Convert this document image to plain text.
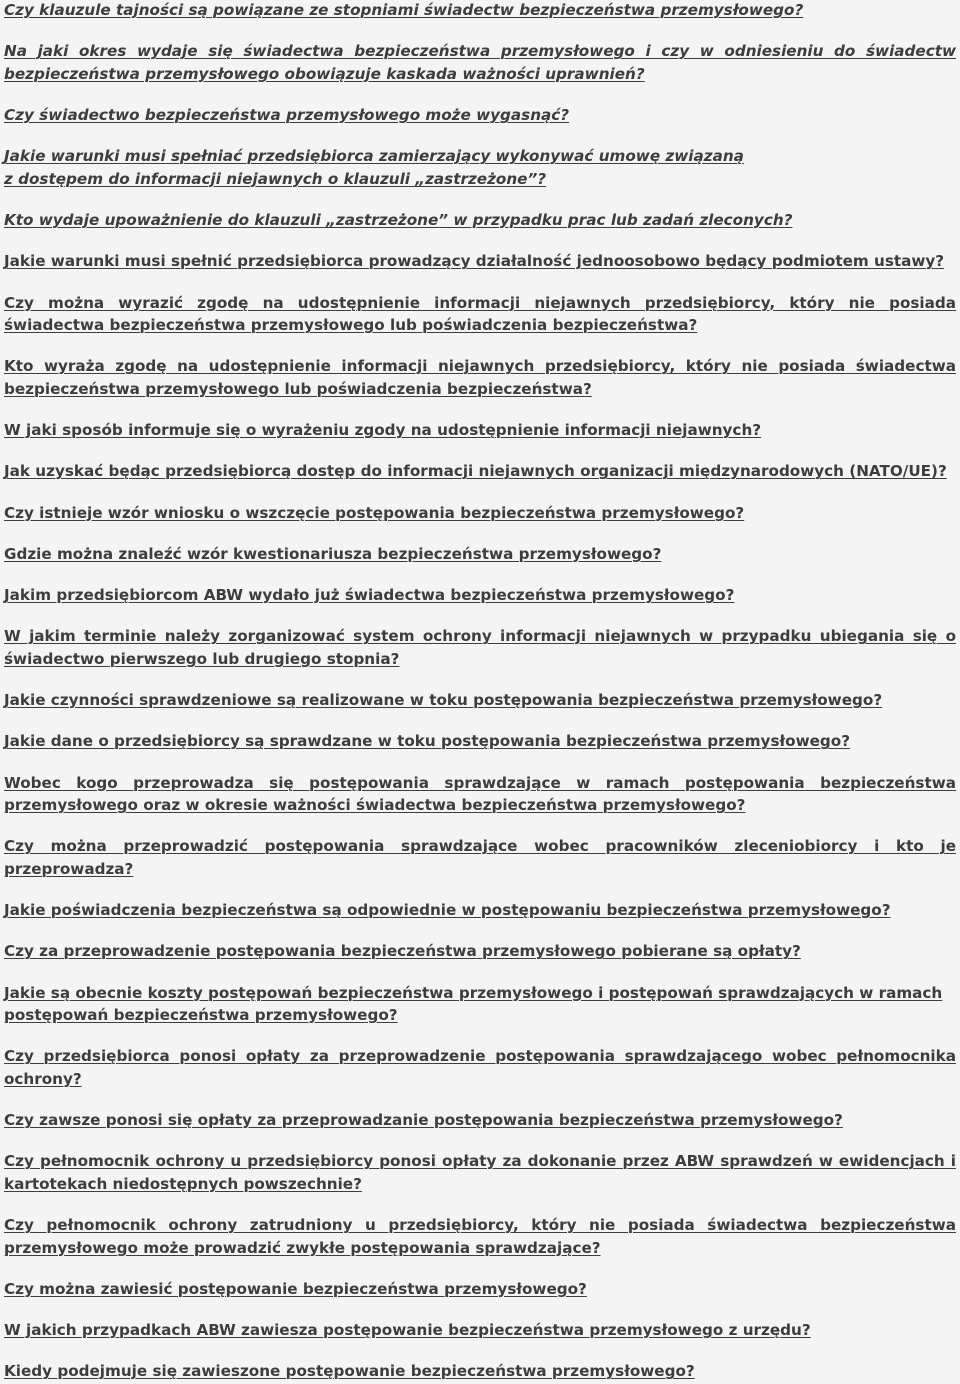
Czy klauzule tajności są powiązane ze stopniami świadectw bezpieczeństwa przemysłowego?
Na jaki okres wydaje się świadectwa bezpieczeństwa przemysłowego i czy w odniesieniu do świadectw
bezpieczeństwa przemysłowego obowiązuje kaskada ważności uprawnień?
Czy świadectwo bezpieczeństwa przemysłowego może wygasnąć?
Jakie warunki musi spełniać przedsiębiorca zamierzający wykonywać umowę związaną
z dostępem do informacji niejawnych o klauzuli „zastrzeżone”?
Kto wydaje upoważnienie do klauzuli „zastrzeżone” w przypadku prac lub zadań zleconych?
Jakie warunki musi spełnić przedsiębiorca prowadzący działalność jednoosobowo będący podmiotem ustawy?
Czy można wyrazić zgodę na udostępnienie informacji niejawnych przedsiębiorcy, który nie posiada
świadectwa bezpieczeństwa przemysłowego lub poświadczenia bezpieczeństwa?
Kto wyraża zgodę na udostępnienie informacji niejawnych przedsiębiorcy, który nie posiada świadectwa
bezpieczeństwa przemysłowego lub poświadczenia bezpieczeństwa?
W jaki sposób informuje się o wyrażeniu zgody na udostępnienie informacji niejawnych?
Jak uzyskać będąc przedsiębiorcą dostęp do informacji niejawnych organizacji międzynarodowych (NATO/UE)?
Czy istnieje wzór wniosku o wszczęcie postępowania bezpieczeństwa przemysłowego?
Gdzie można znaleźć wzór kwestionariusza bezpieczeństwa przemysłowego?
Jakim przedsiębiorcom ABW wydało już świadectwa bezpieczeństwa przemysłowego?
W jakim terminie należy zorganizować system ochrony informacji niejawnych w przypadku ubiegania się o
świadectwo pierwszego lub drugiego stopnia?
Jakie czynności sprawdzeniowe są realizowane w toku postępowania bezpieczeństwa przemysłowego?
Jakie dane o przedsiębiorcy są sprawdzane w toku postępowania bezpieczeństwa przemysłowego?
Wobec kogo przeprowadza się postępowania sprawdzające w ramach postępowania bezpieczeństwa
przemysłowego oraz w okresie ważności świadectwa bezpieczeństwa przemysłowego?
Czy można przeprowadzić postępowania sprawdzające wobec pracowników zleceniobiorcy i kto je
przeprowadza?
Jakie poświadczenia bezpieczeństwa są odpowiednie w postępowaniu bezpieczeństwa przemysłowego?
Czy za przeprowadzenie postępowania bezpieczeństwa przemysłowego pobierane są opłaty?
Jakie są obecnie koszty postępowań bezpieczeństwa przemysłowego i postępowań sprawdzających w ramach
postępowań bezpieczeństwa przemysłowego?
Czy przedsiębiorca ponosi opłaty za przeprowadzenie postępowania sprawdzającego wobec pełnomocnika
ochrony?
Czy zawsze ponosi się opłaty za przeprowadzanie postępowania bezpieczeństwa przemysłowego?
Czy pełnomocnik ochrony u przedsiębiorcy ponosi opłaty za dokonanie przez ABW sprawdzeń w ewidencjach i
kartotekach niedostępnych powszechnie?
Czy pełnomocnik ochrony zatrudniony u przedsiębiorcy, który nie posiada świadectwa bezpieczeństwa
przemysłowego może prowadzić zwykłe postępowania sprawdzające?
Czy można zawiesić postępowanie bezpieczeństwa przemysłowego?
W jakich przypadkach ABW zawiesza postępowanie bezpieczeństwa przemysłowego z urzędu?
Kiedy podejmuje się zawieszone postępowanie bezpieczeństwa przemysłowego?
